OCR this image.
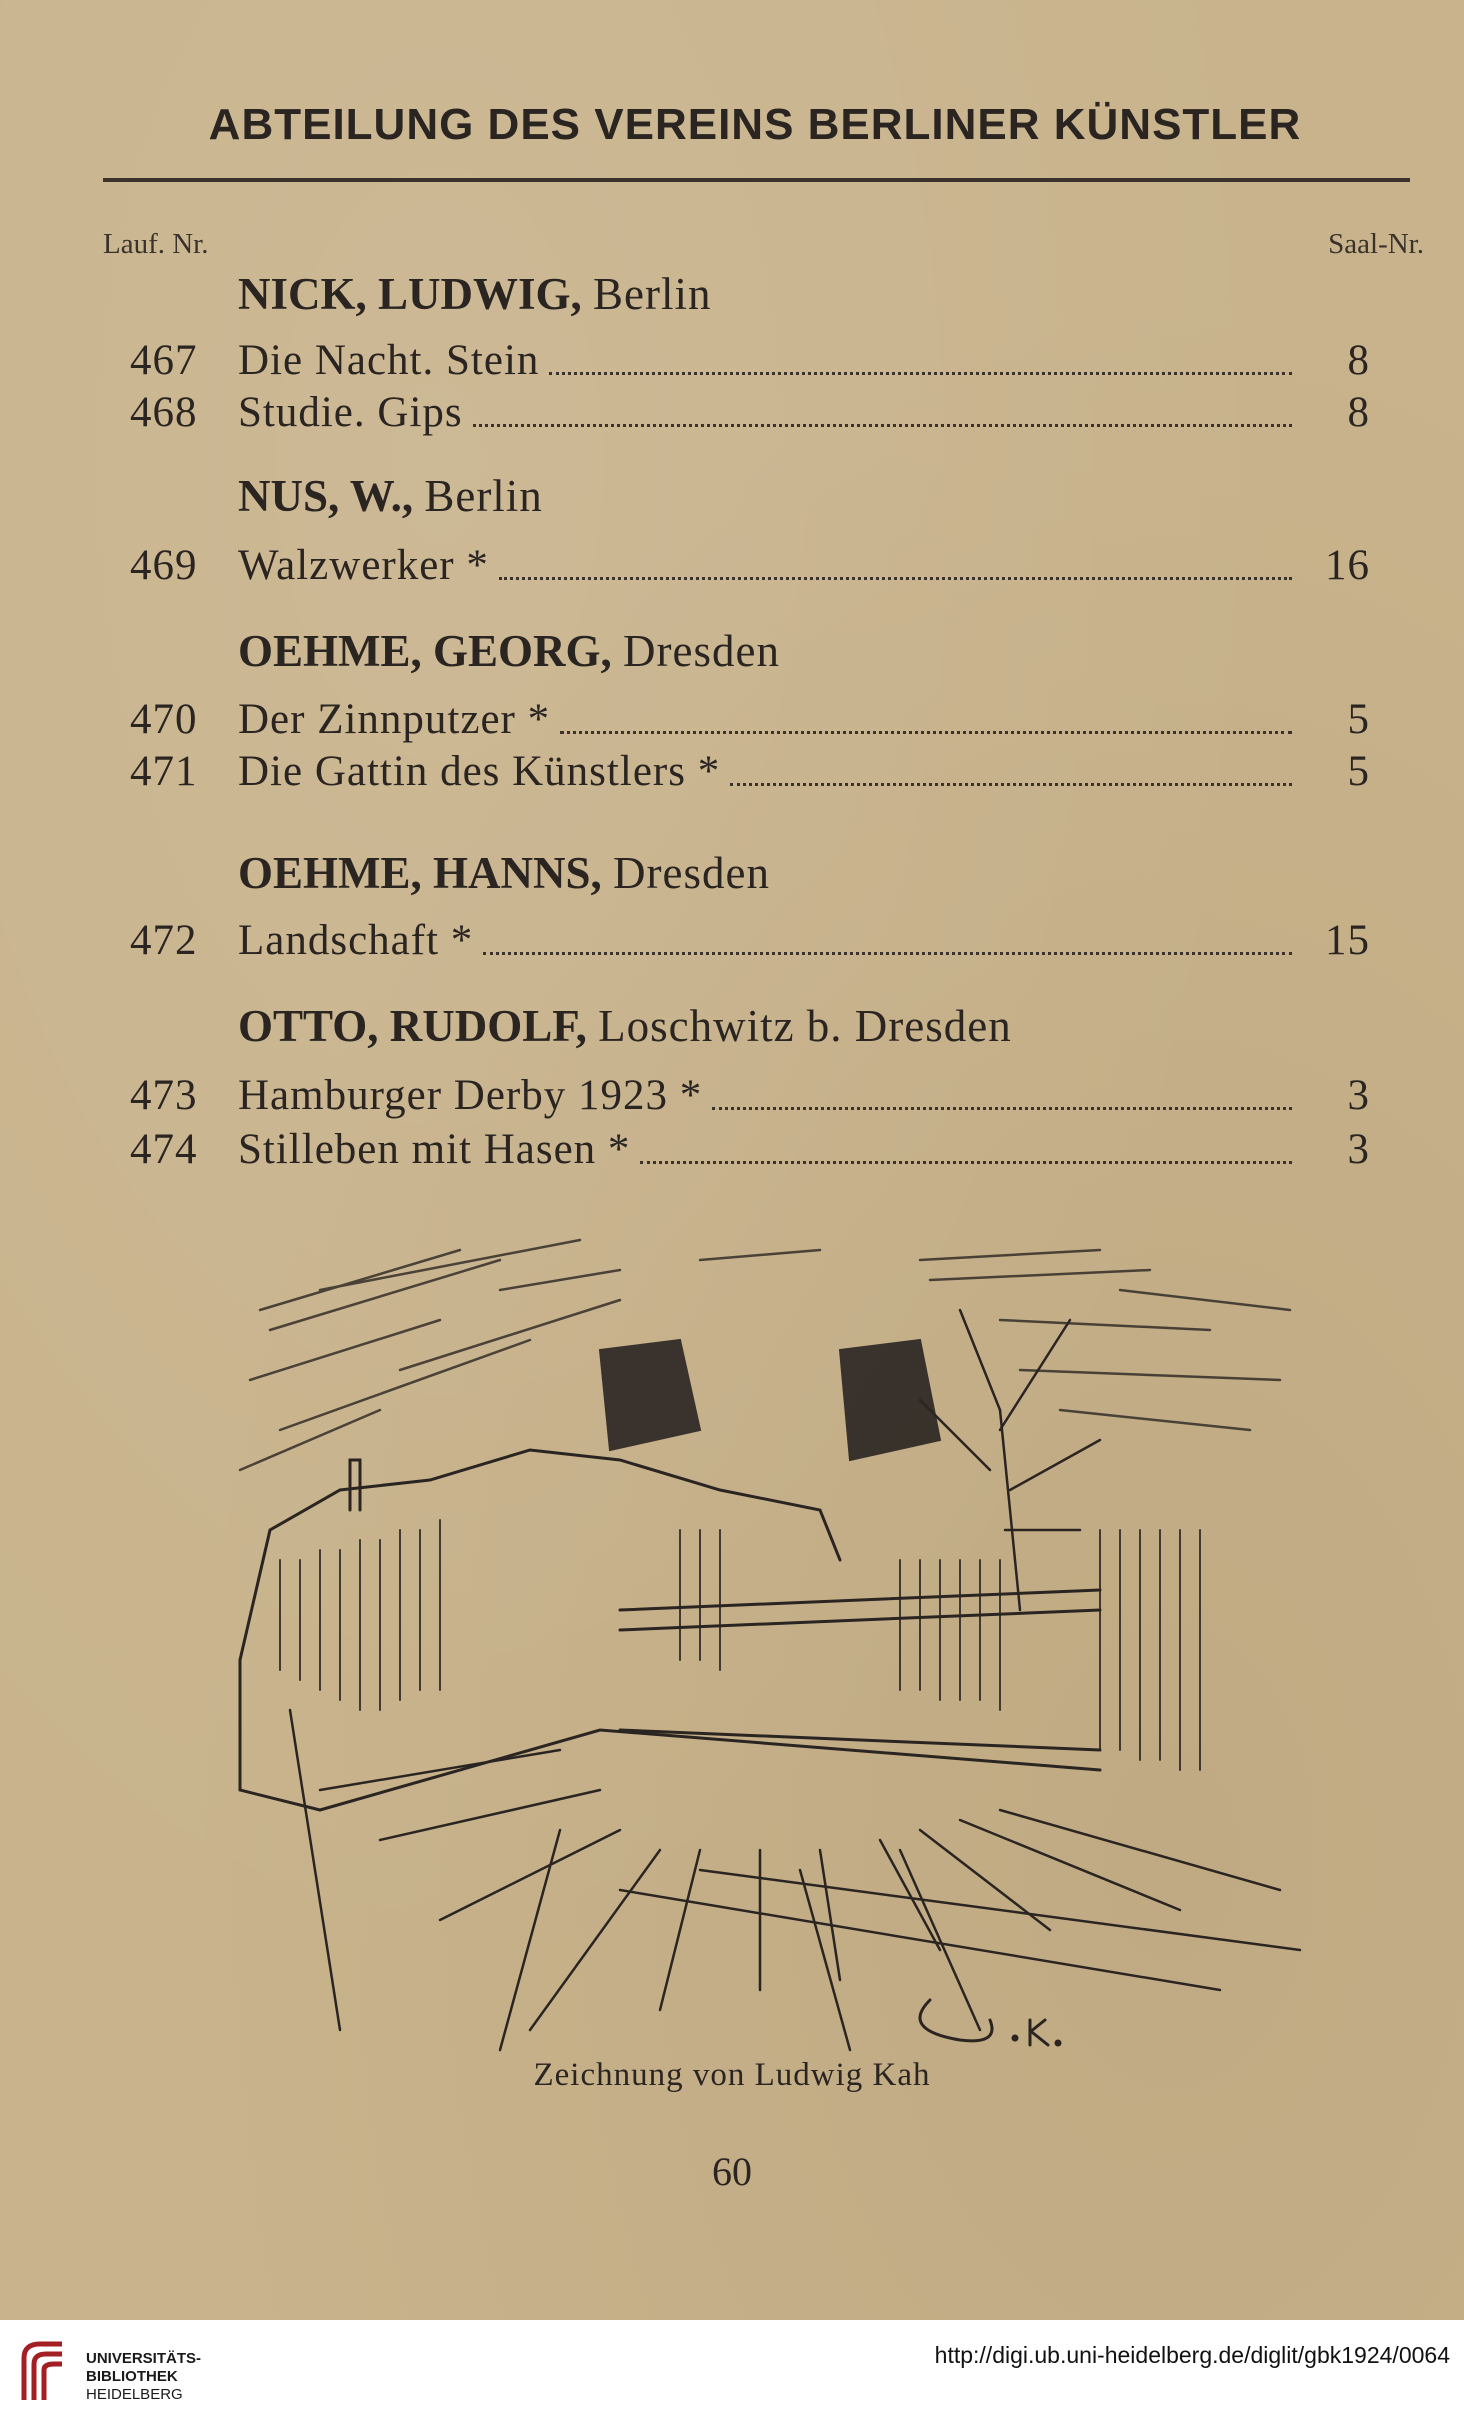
ABTEILUNG DES VEREINS BERLINER KÜNSTLER
Lauf. Nr.	Saal-Nr.
NICK, LUDWIG, Berlin
467 Die Nacht. Stein	8
468 Studie. Gips	8
NUS, W., Berlin
469 Walzwerker *	16
OEHME, GEORG, Dresden
470 Der Zinnputzer *	5
471 Die Gattin des Künstlers *	5
OEHME, HANNS, Dresden
472 Landschaft *	15
OTTO, RUDOLF, Loschwitz b. Dresden
473 Hamburger Derby 1923 *	3
474 Stilleben mit Hasen *	3
Zeichnung von Ludwig Kah
60
UNIVERSITÄTS-
BIBLIOTHEK
HEIDELBERG
http://digi.ub.uni-heidelberg.de/diglit/gbk1924/0064
